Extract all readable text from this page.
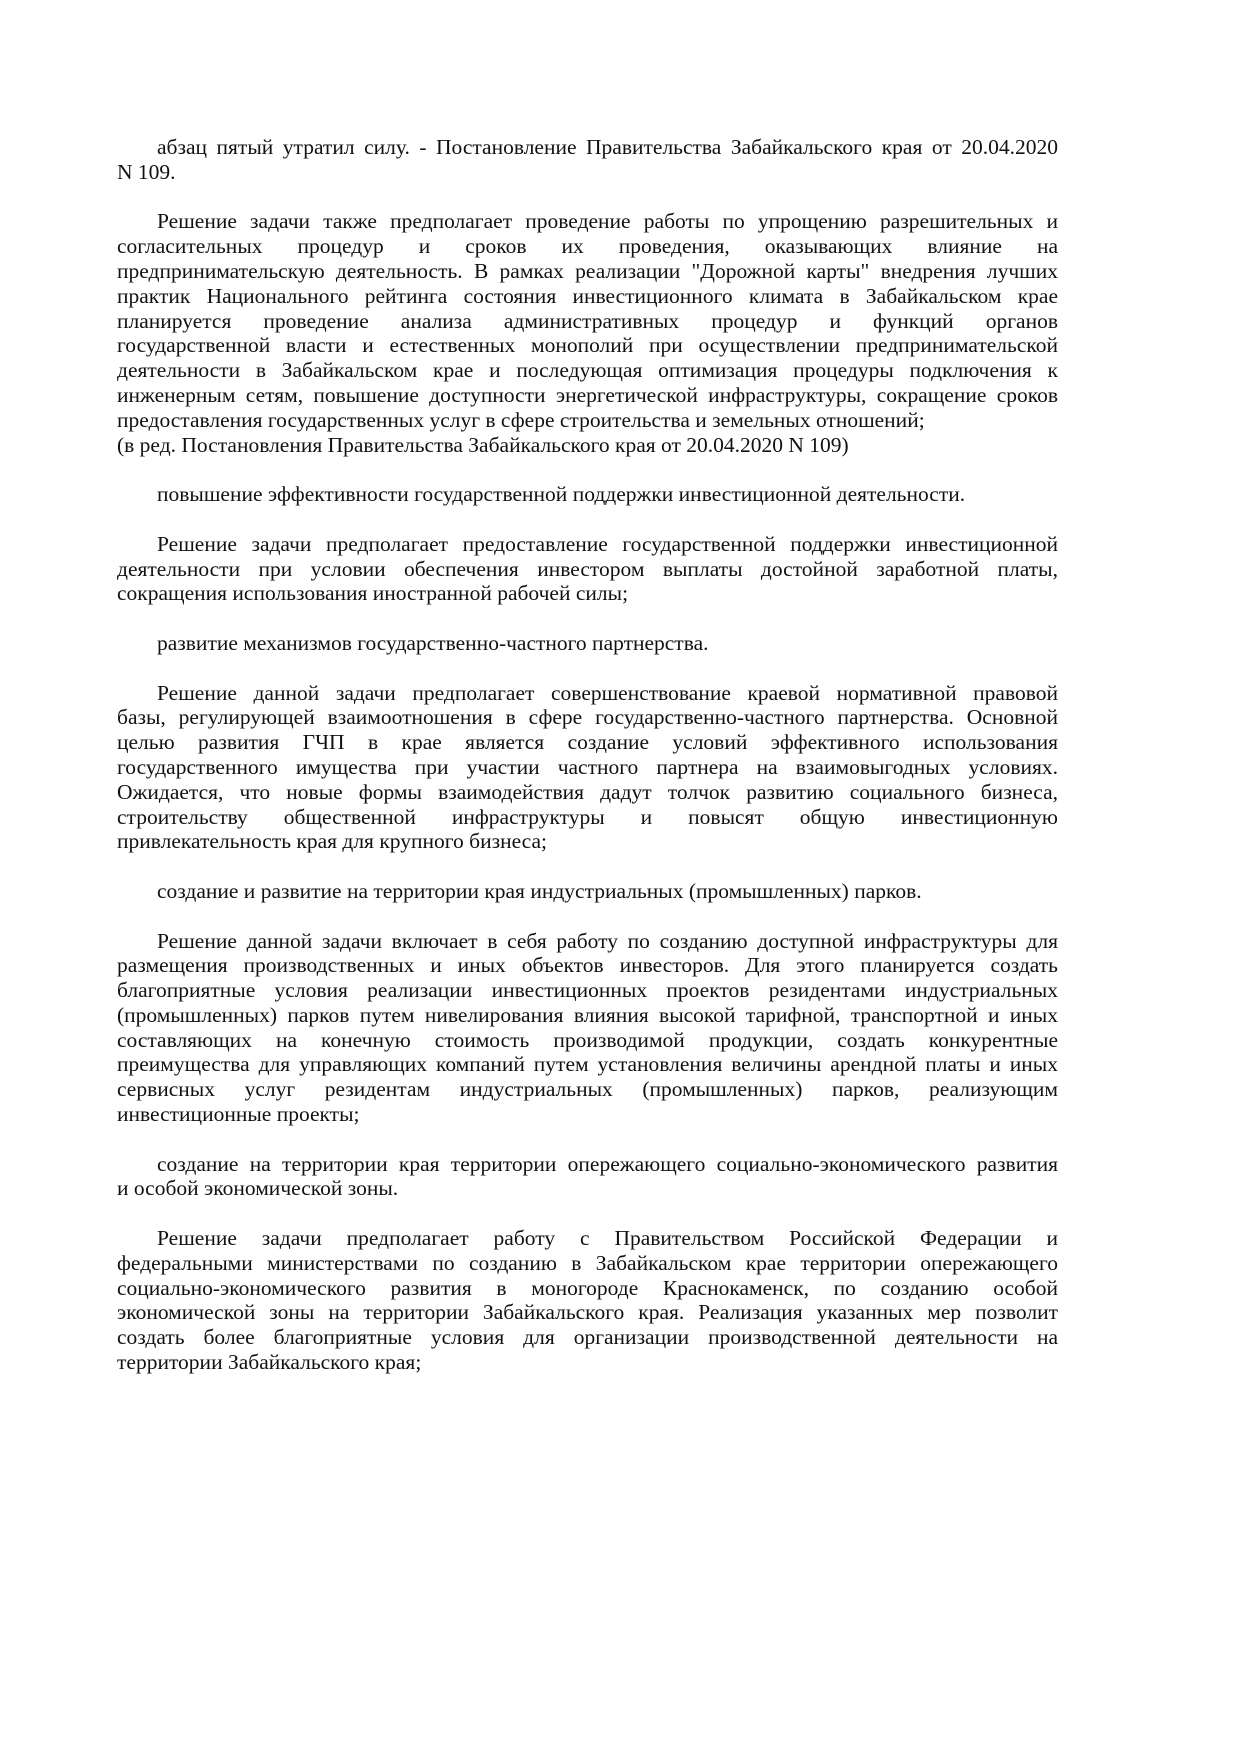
абзац пятый утратил силу. - Постановление Правительства Забайкальского края от 20.04.2020
N 109.
Решение задачи также предполагает проведение работы по упрощению разрешительных и
согласительных процедур и сроков их проведения, оказывающих влияние на
предпринимательскую деятельность. В рамках реализации "Дорожной карты" внедрения лучших
практик Национального рейтинга состояния инвестиционного климата в Забайкальском крае
планируется проведение анализа административных процедур и функций органов
государственной власти и естественных монополий при осуществлении предпринимательской
деятельности в Забайкальском крае и последующая оптимизация процедуры подключения к
инженерным сетям, повышение доступности энергетической инфраструктуры, сокращение сроков
предоставления государственных услуг в сфере строительства и земельных отношений;
(в ред. Постановления Правительства Забайкальского края от 20.04.2020 N 109)
повышение эффективности государственной поддержки инвестиционной деятельности.
Решение задачи предполагает предоставление государственной поддержки инвестиционной
деятельности при условии обеспечения инвестором выплаты достойной заработной платы,
сокращения использования иностранной рабочей силы;
развитие механизмов государственно-частного партнерства.
Решение данной задачи предполагает совершенствование краевой нормативной правовой
базы, регулирующей взаимоотношения в сфере государственно-частного партнерства. Основной
целью развития ГЧП в крае является создание условий эффективного использования
государственного имущества при участии частного партнера на взаимовыгодных условиях.
Ожидается, что новые формы взаимодействия дадут толчок развитию социального бизнеса,
строительству общественной инфраструктуры и повысят общую инвестиционную
привлекательность края для крупного бизнеса;
создание и развитие на территории края индустриальных (промышленных) парков.
Решение данной задачи включает в себя работу по созданию доступной инфраструктуры для
размещения производственных и иных объектов инвесторов. Для этого планируется создать
благоприятные условия реализации инвестиционных проектов резидентами индустриальных
(промышленных) парков путем нивелирования влияния высокой тарифной, транспортной и иных
составляющих на конечную стоимость производимой продукции, создать конкурентные
преимущества для управляющих компаний путем установления величины арендной платы и иных
сервисных услуг резидентам индустриальных (промышленных) парков, реализующим
инвестиционные проекты;
создание на территории края территории опережающего социально-экономического развития
и особой экономической зоны.
Решение задачи предполагает работу с Правительством Российской Федерации и
федеральными министерствами по созданию в Забайкальском крае территории опережающего
социально-экономического развития в моногороде Краснокаменск, по созданию особой
экономической зоны на территории Забайкальского края. Реализация указанных мер позволит
создать более благоприятные условия для организации производственной деятельности на
территории Забайкальского края;
